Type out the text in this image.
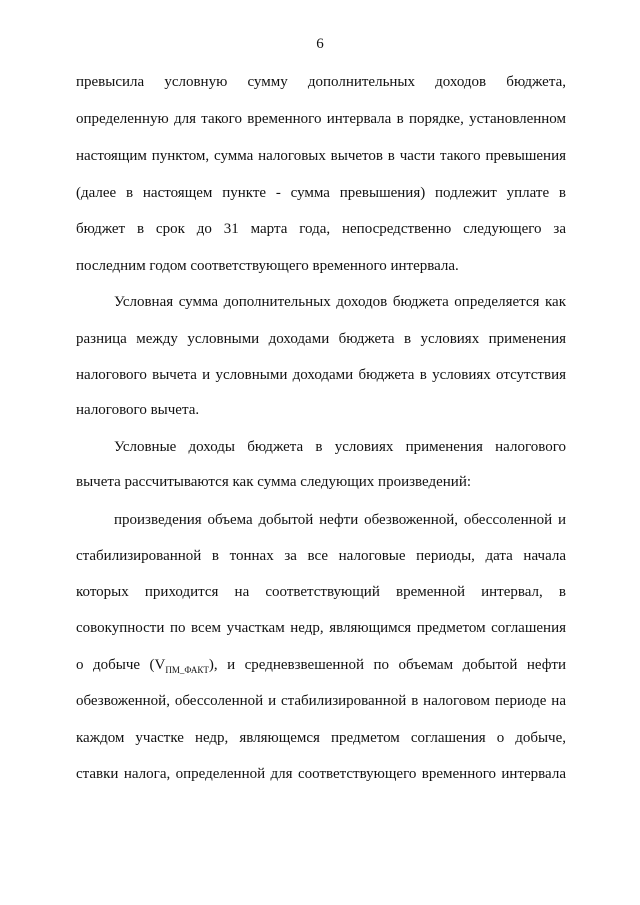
6
превысила условную сумму дополнительных доходов бюджета,
определенную для такого временного интервала в порядке, установленном
настоящим пунктом, сумма налоговых вычетов в части такого превышения
(далее в настоящем пункте - сумма превышения) подлежит уплате в
бюджет в срок до 31 марта года, непосредственно следующего за
последним годом соответствующего временного интервала.
Условная сумма дополнительных доходов бюджета определяется как
разница между условными доходами бюджета в условиях применения
налогового вычета и условными доходами бюджета в условиях отсутствия
налогового вычета.
Условные доходы бюджета в условиях применения налогового
вычета рассчитываются как сумма следующих произведений:
произведения объема добытой нефти обезвоженной, обессоленной и
стабилизированной в тоннах за все налоговые периоды, дата начала
которых приходится на соответствующий временной интервал, в
совокупности по всем участкам недр, являющимся предметом соглашения
о добыче $(V_{ПМ\_ФАКТ})$, и средневзвешенной по объемам добытой нефти
обезвоженной, обессоленной и стабилизированной в налоговом периоде на
каждом участке недр, являющемся предметом соглашения о добыче,
ставки налога, определенной для соответствующего временного интервала
